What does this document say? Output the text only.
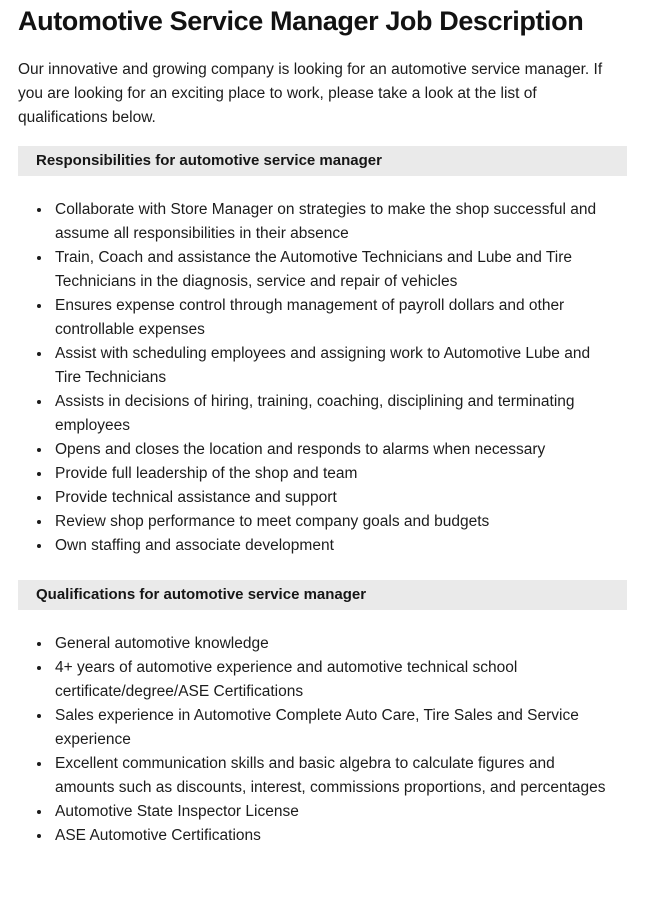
Automotive Service Manager Job Description

Our innovative and growing company is looking for an automotive service manager. If you are looking for an exciting place to work, please take a look at the list of qualifications below.

Responsibilities for automotive service manager
• Collaborate with Store Manager on strategies to make the shop successful and assume all responsibilities in their absence
• Train, Coach and assistance the Automotive Technicians and Lube and Tire Technicians in the diagnosis, service and repair of vehicles
• Ensures expense control through management of payroll dollars and other controllable expenses
• Assist with scheduling employees and assigning work to Automotive Lube and Tire Technicians
• Assists in decisions of hiring, training, coaching, disciplining and terminating employees
• Opens and closes the location and responds to alarms when necessary
• Provide full leadership of the shop and team
• Provide technical assistance and support
• Review shop performance to meet company goals and budgets
• Own staffing and associate development
Qualifications for automotive service manager
• General automotive knowledge
• 4+ years of automotive experience and automotive technical school certificate/degree/ASE Certifications
• Sales experience in Automotive Complete Auto Care, Tire Sales and Service experience
• Excellent communication skills and basic algebra to calculate figures and amounts such as discounts, interest, commissions proportions, and percentages
• Automotive State Inspector License
• ASE Automotive Certifications
